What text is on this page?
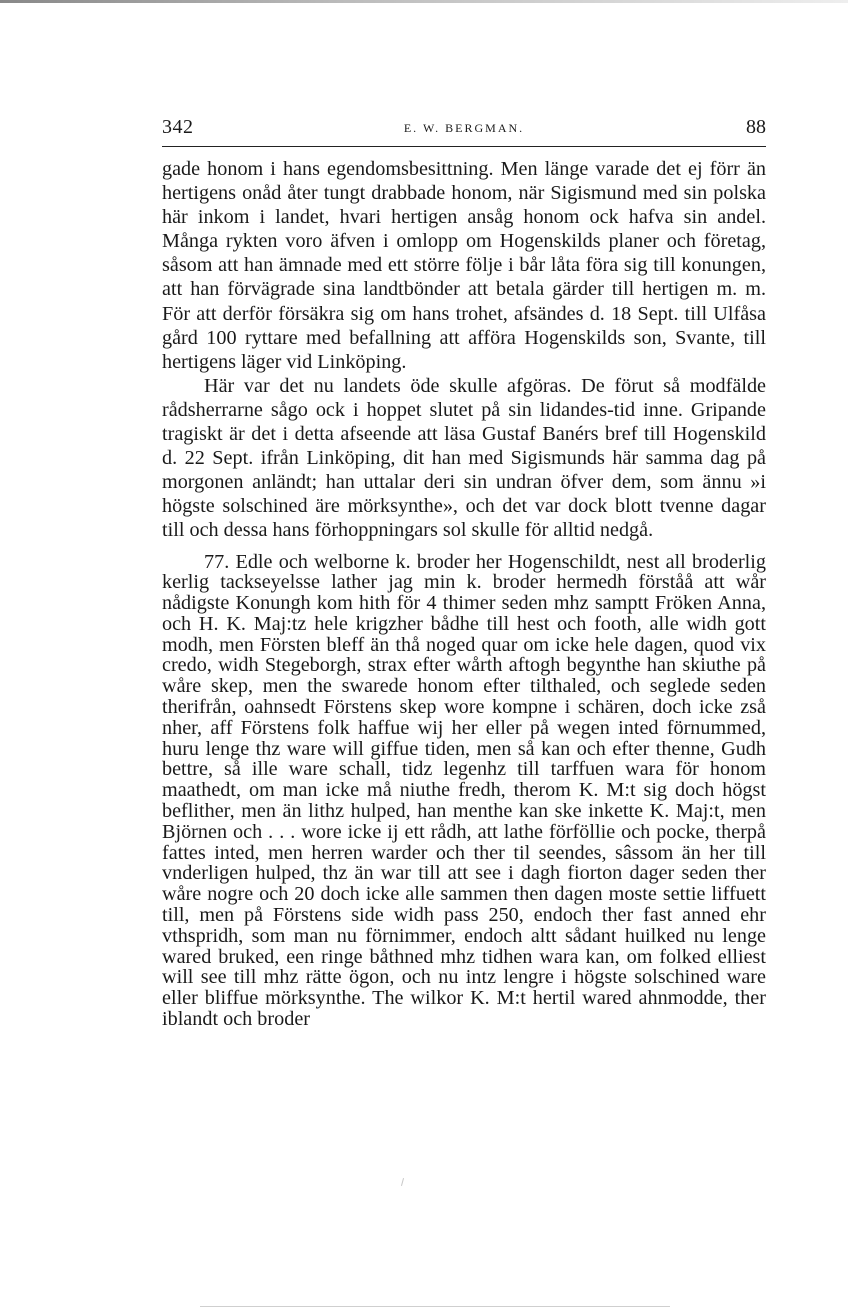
342	E. W. BERGMAN.	88

gade honom i hans egendomsbesittning. Men länge varade det ej förr än hertigens onåd åter tungt drabbade honom, när Sigismund med sin polska här inkom i landet, hvari hertigen ansåg honom ock hafva sin andel. Många rykten voro äfven i omlopp om Hogenskilds planer och företag, såsom att han ämnade med ett större följe i bår låta föra sig till konungen, att han förvägrade sina landtbönder att betala gärder till hertigen m. m. För att derför försäkra sig om hans trohet, afsändes d. 18 Sept. till Ulfåsa gård 100 ryttare med befallning att afföra Hogenskilds son, Svante, till hertigens läger vid Linköping.

Här var det nu landets öde skulle afgöras. De förut så modfälde rådsherrarne sågo ock i hoppet slutet på sin lidandes-tid inne. Gripande tragiskt är det i detta afseende att läsa Gustaf Banérs bref till Hogenskild d. 22 Sept. ifrån Linköping, dit han med Sigismunds här samma dag på morgonen anländt; han uttalar deri sin undran öfver dem, som ännu »i högste solschined äre mörksynthe», och det var dock blott tvenne dagar till och dessa hans förhoppningars sol skulle för alltid nedgå.

77. Edle och welborne k. broder her Hogenschildt, nest all broderlig kerlig tackseyelsse lather jag min k. broder hermedh förståå att wår nådigste Konungh kom hith för 4 thimer seden mhz samptt Fröken Anna, och H. K. Maj:tz hele krigzher bådhe till hest och footh, alle widh gott modh, men Försten bleff än thå noged quar om icke hele dagen, quod vix credo, widh Stegeborgh, strax efter wårth aftogh begynthe han skiuthe på wåre skep, men the swarede honom efter tilthaled, och seglede seden therifrån, oahnsedt Förstens skep wore kompne i schären, doch icke zså nher, aff Förstens folk haffue wij her eller på wegen inted förnummed, huru lenge thz ware will giffue tiden, men så kan och efter thenne, Gudh bettre, så ille ware schall, tidz legenhz till tarffuen wara för honom maathedt, om man icke må niuthe fredh, therom K. M:t sig doch högst beflither, men än lithz hulped, han menthe kan ske inkette K. Maj:t, men Björnen och . . . wore icke ij ett rådh, att lathe förföllie och pocke, therpå fattes inted, men herren warder och ther til seendes, sâssom än her till vnderligen hulped, thz än war till att see i dagh fiorton dager seden ther wåre nogre och 20 doch icke alle sammen then dagen moste settie liffuett till, men på Förstens side widh pass 250, endoch ther fast anned ehr vthspridh, som man nu förnimmer, endoch altt sådant huilked nu lenge wared bruked, een ringe båthned mhz tidhen wara kan, om folked elliest will see till mhz rätte ögon, och nu intz lengre i högste solschined ware eller bliffue mörksynthe. The wilkor K. M:t hertil wared ahnmodde, ther iblandt och broder
